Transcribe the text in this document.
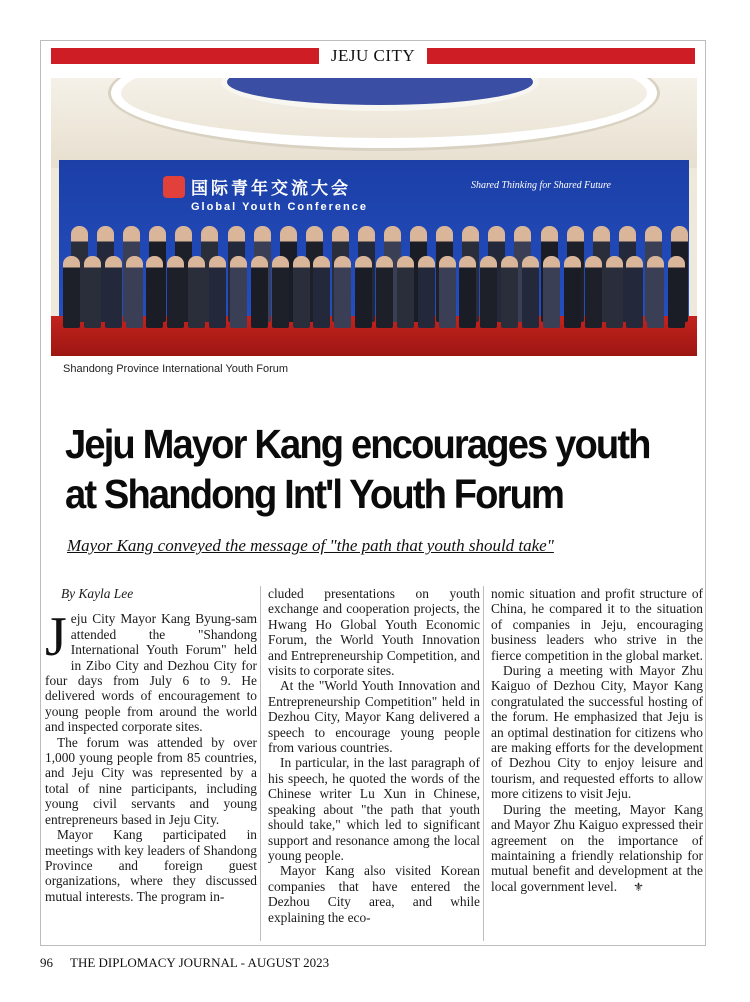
JEJU CITY
国际青年交流大会
Global Youth Conference
Shared Thinking for Shared Future
Shandong Province International Youth Forum
Jeju Mayor Kang encourages youth at Shandong Int'l Youth Forum
Mayor Kang conveyed the message of "the path that youth should take"

By Kayla Lee

Jeju City Mayor Kang Byung-sam attended the "Shandong International Youth Forum" held in Zibo City and Dezhou City for four days from July 6 to 9. He delivered words of encouragement to young people from around the world and inspected corporate sites.

The forum was attended by over 1,000 young people from 85 countries, and Jeju City was represented by a total of nine participants, including young civil servants and young entrepreneurs based in Jeju City.

Mayor Kang participated in meetings with key leaders of Shandong Province and foreign guest organizations, where they discussed mutual interests. The program in-

cluded presentations on youth exchange and cooperation projects, the Hwang Ho Global Youth Economic Forum, the World Youth Innovation and Entrepreneurship Competition, and visits to corporate sites.

At the "World Youth Innovation and Entrepreneurship Competition" held in Dezhou City, Mayor Kang delivered a speech to encourage young people from various countries.

In particular, in the last paragraph of his speech, he quoted the words of the Chinese writer Lu Xun in Chinese, speaking about "the path that youth should take," which led to significant support and resonance among the local young people.

Mayor Kang also visited Korean companies that have entered the Dezhou City area, and while explaining the eco-

nomic situation and profit structure of China, he compared it to the situation of companies in Jeju, encouraging business leaders who strive in the fierce competition in the global market.

During a meeting with Mayor Zhu Kaiguo of Dezhou City, Mayor Kang congratulated the successful hosting of the forum. He emphasized that Jeju is an optimal destination for citizens who are making efforts for the development of Dezhou City to enjoy leisure and tourism, and requested efforts to allow more citizens to visit Jeju.

During the meeting, Mayor Kang and Mayor Zhu Kaiguo expressed their agreement on the importance of maintaining a friendly relationship for mutual benefit and development at the local government level. ⚜

96 THE DIPLOMACY JOURNAL - AUGUST 2023
